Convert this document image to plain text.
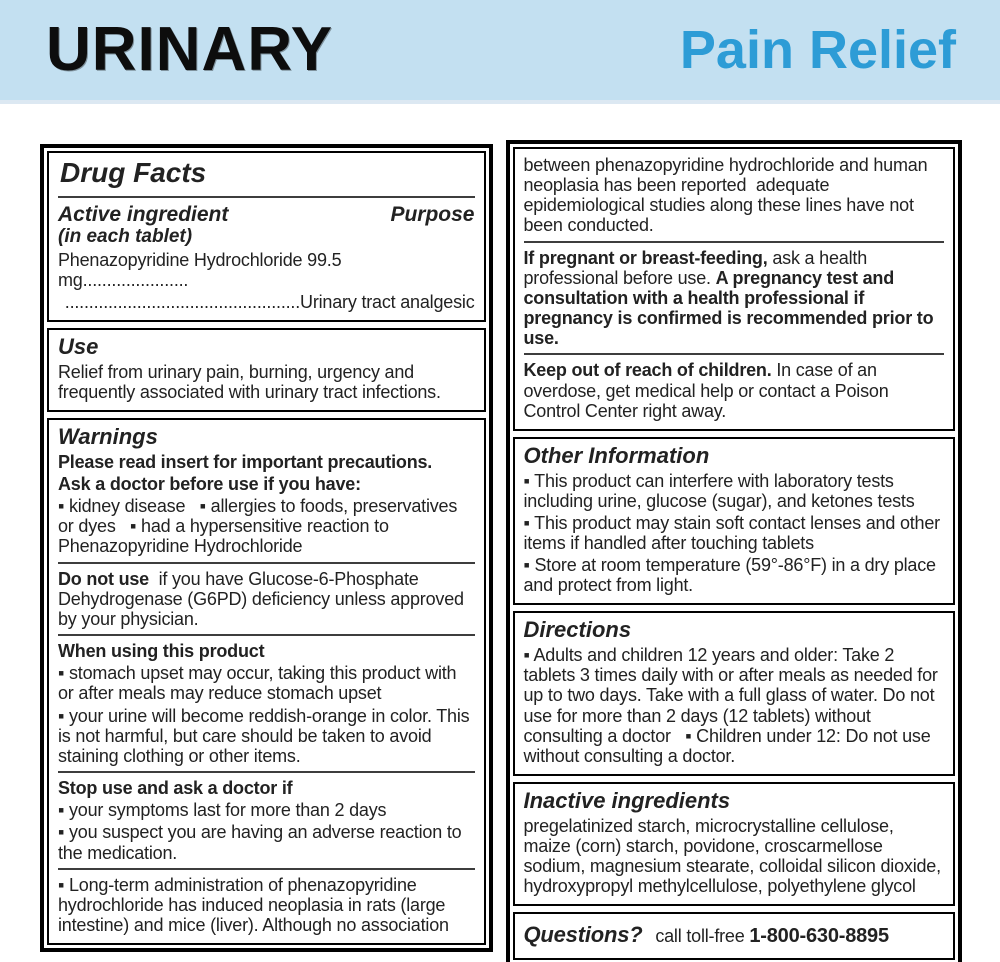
URINARY	Pain Relief
Drug Facts
Active ingredient	Purpose
(in each tablet)

Phenazopyridine Hydrochloride 99.5 mg......................

.................................................Urinary tract analgesic

Use

Relief from urinary pain, burning, urgency and frequently associated with urinary tract infections.

Warnings

Please read insert for important precautions.

Ask a doctor before use if you have:

▪ kidney disease   ▪ allergies to foods, preservatives or dyes   ▪ had a hypersensitive reaction to Phenazopyridine Hydrochloride

Do not use  if you have Glucose-6-Phosphate Dehydrogenase (G6PD) deficiency unless approved by your physician.

When using this product

▪ stomach upset may occur, taking this product with or after meals may reduce stomach upset

▪ your urine will become reddish-orange in color. This is not harmful, but care should be taken to avoid staining clothing or other items.

Stop use and ask a doctor if

▪ your symptoms last for more than 2 days

▪ you suspect you are having an adverse reaction to the medication.

▪ Long-term administration of phenazopyridine hydrochloride has induced neoplasia in rats (large intestine) and mice (liver). Although no association

between phenazopyridine hydrochloride and human neoplasia has been reported  adequate epidemiological studies along these lines have not been conducted.

If pregnant or breast-feeding, ask a health professional before use. A pregnancy test and consultation with a health professional if pregnancy is confirmed is recommended prior to use.

Keep out of reach of children. In case of an overdose, get medical help or contact a Poison Control Center right away.

Other Information

▪ This product can interfere with laboratory tests including urine, glucose (sugar), and ketones tests

▪ This product may stain soft contact lenses and other items if handled after touching tablets

▪ Store at room temperature (59°-86°F) in a dry place and protect from light.

Directions

▪ Adults and children 12 years and older: Take 2 tablets 3 times daily with or after meals as needed for up to two days. Take with a full glass of water. Do not use for more than 2 days (12 tablets) without consulting a doctor   ▪ Children under 12: Do not use without consulting a doctor.

Inactive ingredients

pregelatinized starch, microcrystalline cellulose, maize (corn) starch, povidone, croscarmellose sodium, magnesium stearate, colloidal silicon dioxide, hydroxypropyl methylcellulose, polyethylene glycol

Questions? call toll-free 1-800-630-8895
